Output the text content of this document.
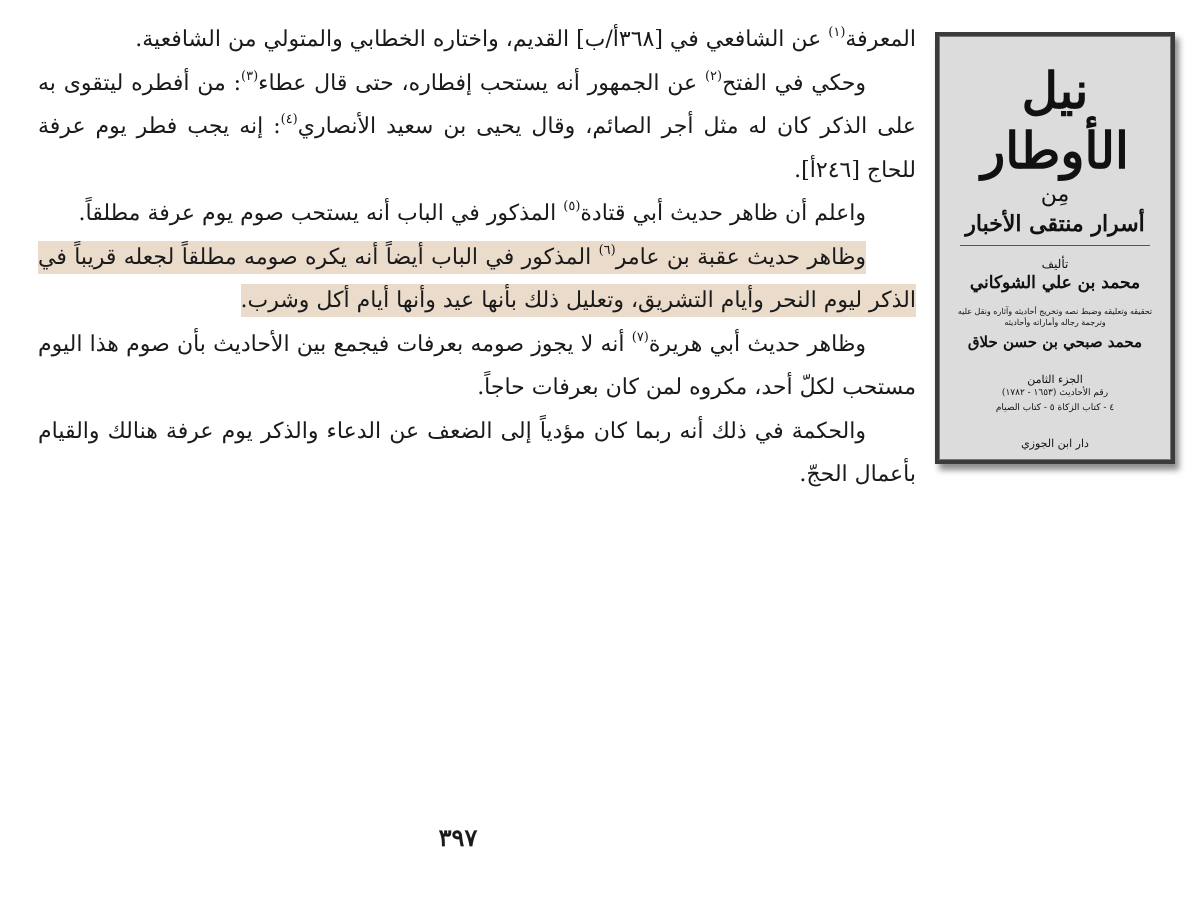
المعرفة$^{(١)}$ عن الشافعي في [٣٦٨أ/ب] القديم، واختاره الخطابي والمتولي من الشافعية.

وحكي في الفتح$^{(٢)}$ عن الجمهور أنه يستحب إفطاره، حتى قال عطاء$^{(٣)}$: من أفطره ليتقوى به على الذكر كان له مثل أجر الصائم، وقال يحيى بن سعيد الأنصاري$^{(٤)}$: إنه يجب فطر يوم عرفة للحاج [٢٤٦أ].

واعلم أن ظاهر حديث أبي قتادة$^{(٥)}$ المذكور في الباب أنه يستحب صوم يوم عرفة مطلقاً.

وظاهر حديث عقبة بن عامر$^{(٦)}$ المذكور في الباب أيضاً أنه يكره صومه مطلقاً لجعله قريباً في الذكر ليوم النحر وأيام التشريق، وتعليل ذلك بأنها عيد وأنها أيام أكل وشرب.

وظاهر حديث أبي هريرة$^{(٧)}$ أنه لا يجوز صومه بعرفات فيجمع بين الأحاديث بأن صوم هذا اليوم مستحب لكلّ أحد، مكروه لمن كان بعرفات حاجاً.

والحكمة في ذلك أنه ربما كان مؤدياً إلى الضعف عن الدعاء والذكر يوم عرفة هنالك والقيام بأعمال الحجّ.

٣٩٧
نيل الأوطار
مِن
أسرار منتقى الأخبار
تأليف
محمد بن علي الشوكاني
تحقيقه وتعليقه وضبط نصه وتخريج أحاديثه وآثاره ونقل عليه وترجمة رجاله وأماراته وأحاديثه
محمد صبحي بن حسن حلاق
الجزء الثامن
رقم الأحاديث (١٦٥٣ - ١٧٨٢)
٤ - كتاب الزكاة ٥ - كتاب الصيام
دار ابن الجوزي
